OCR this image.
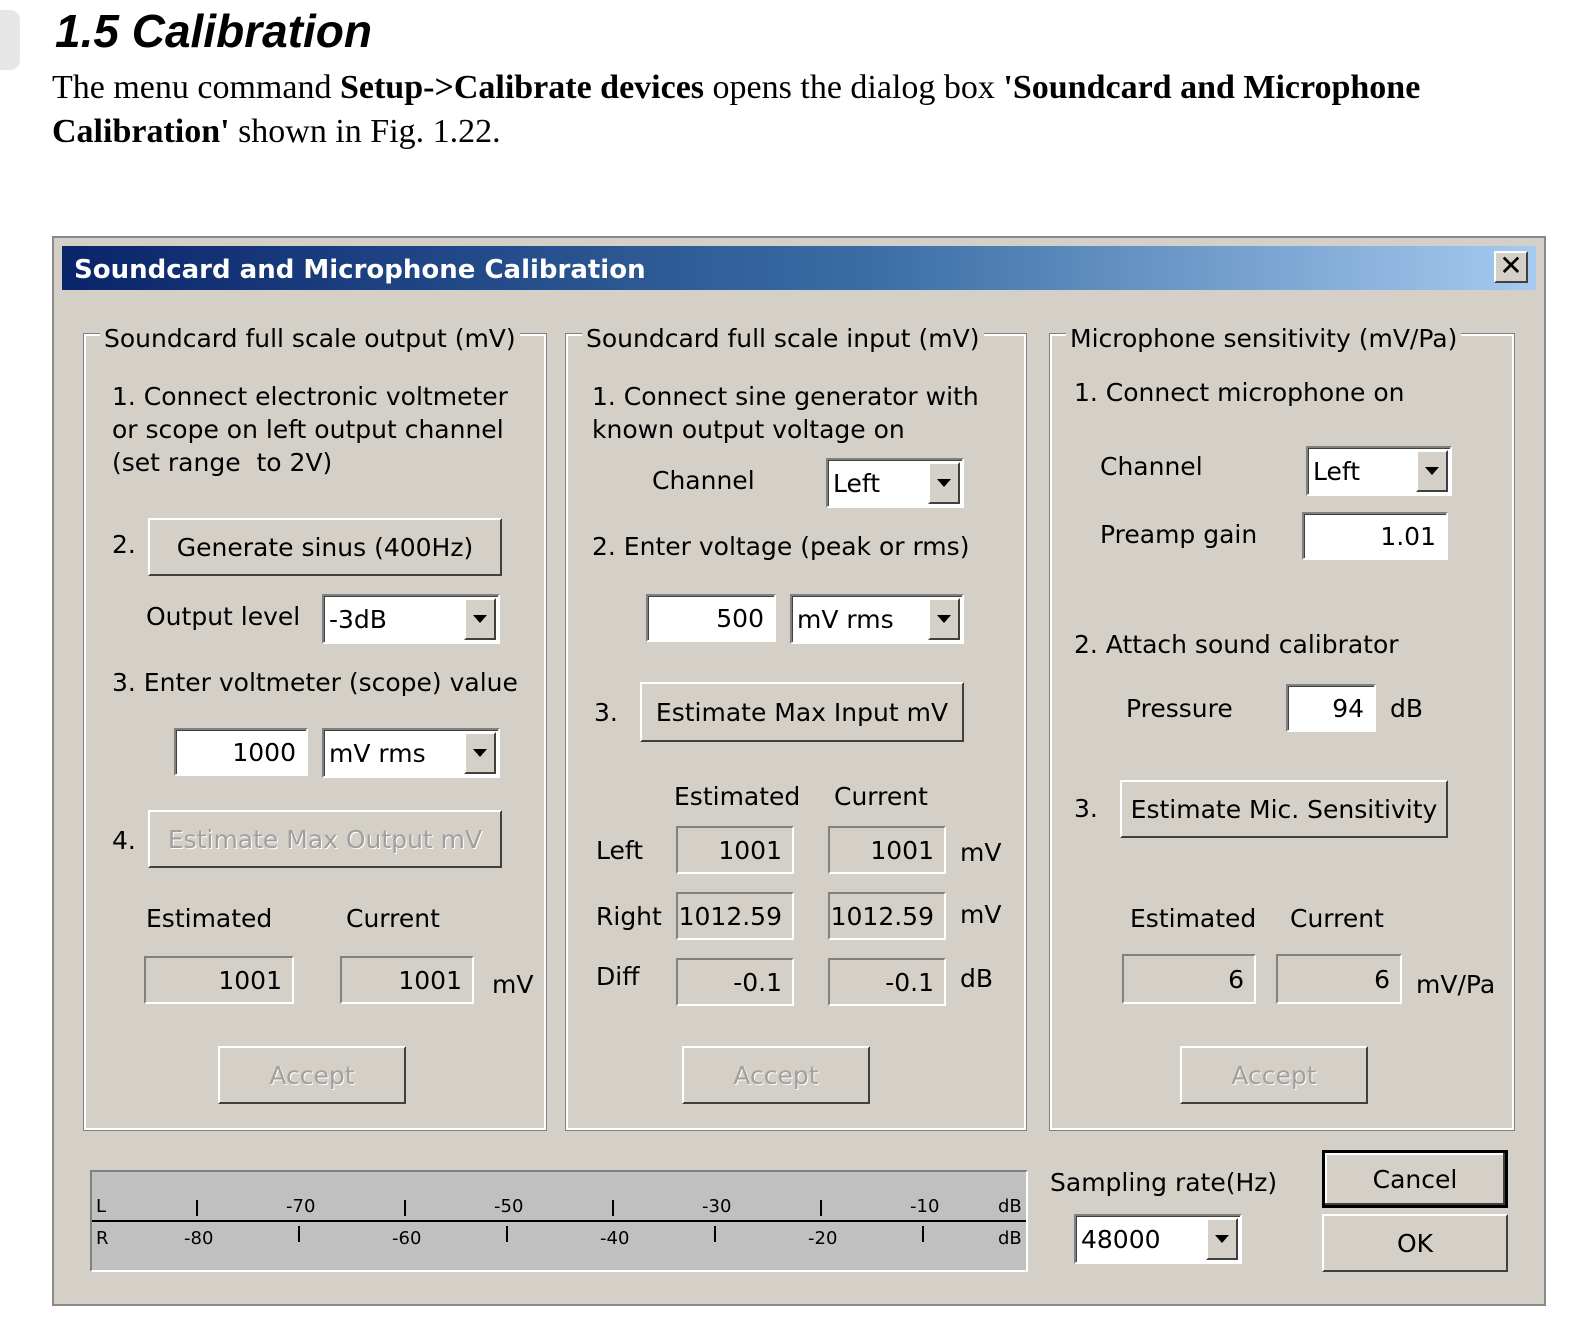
1.5 Calibration
The menu command Setup->Calibrate devices opens the dialog box 'Soundcard and Microphone Calibration' shown in Fig. 1.22.
Soundcard and Microphone Calibration	✕
Soundcard full scale output (mV)
1. Connect electronic voltmeter
or scope on left output channel
(set range  to 2V)
2.	Generate sinus (400Hz)
Output level -3dB
3. Enter voltmeter (scope) value
1000	mV rms
4.	Estimate Max Output mV
Estimated	Current
1001	1001	mV
Accept
Soundcard full scale input (mV)
1. Connect sine generator with
known output voltage on
Channel	Left
2. Enter voltage (peak or rms)
500	mV rms
3.	Estimate Max Input mV
Estimated Current
Left	1001	1001	mV
Right 1012.59	1012.59	mV
Diff	-0.1	-0.1	dB
Accept
Microphone sensitivity (mV/Pa)
1. Connect microphone on
Channel	Left
Preamp gain	1.01
2. Attach sound calibrator
Pressure	94	dB
3.	Estimate Mic. Sensitivity
Estimated Current
6	6	mV/Pa
Accept
L
R
-70	-50	-30	-10	dB
-80	-60	-40	-20	dB
Sampling rate(Hz)
48000
Cancel
OK
